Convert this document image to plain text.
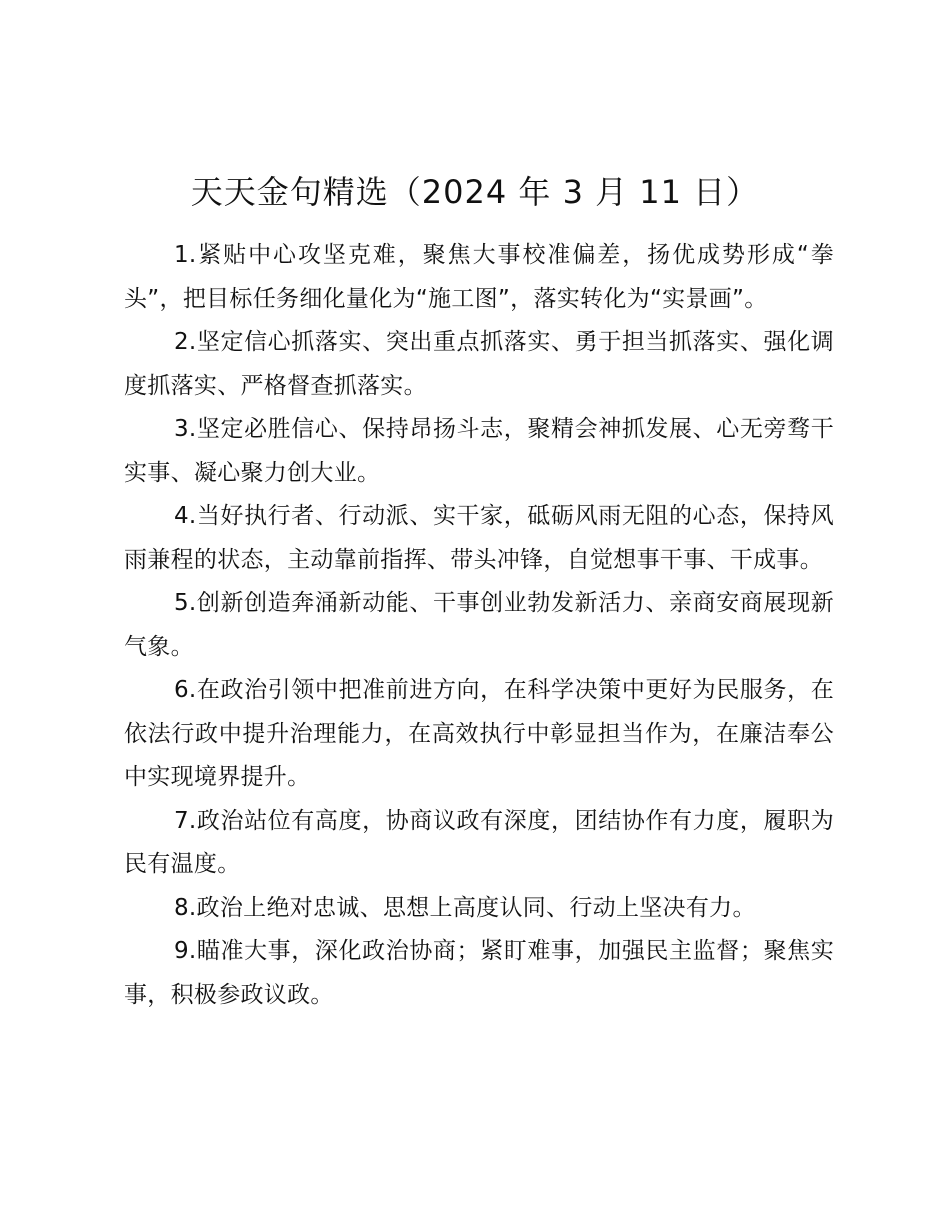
天天金句精选（2024 年 3 月 11 日）

1.紧贴中心攻坚克难，聚焦大事校准偏差，扬优成势形成“拳头”，把目标任务细化量化为“施工图”，落实转化为“实景画”。

2.坚定信心抓落实、突出重点抓落实、勇于担当抓落实、强化调度抓落实、严格督查抓落实。

3.坚定必胜信心、保持昂扬斗志，聚精会神抓发展、心无旁骛干实事、凝心聚力创大业。

4.当好执行者、行动派、实干家，砥砺风雨无阻的心态，保持风雨兼程的状态，主动靠前指挥、带头冲锋，自觉想事干事、干成事。

5.创新创造奔涌新动能、干事创业勃发新活力、亲商安商展现新气象。

6.在政治引领中把准前进方向，在科学决策中更好为民服务，在依法行政中提升治理能力，在高效执行中彰显担当作为，在廉洁奉公中实现境界提升。

7.政治站位有高度，协商议政有深度，团结协作有力度，履职为民有温度。

8.政治上绝对忠诚、思想上高度认同、行动上坚决有力。

9.瞄准大事，深化政治协商；紧盯难事，加强民主监督；聚焦实事，积极参政议政。
